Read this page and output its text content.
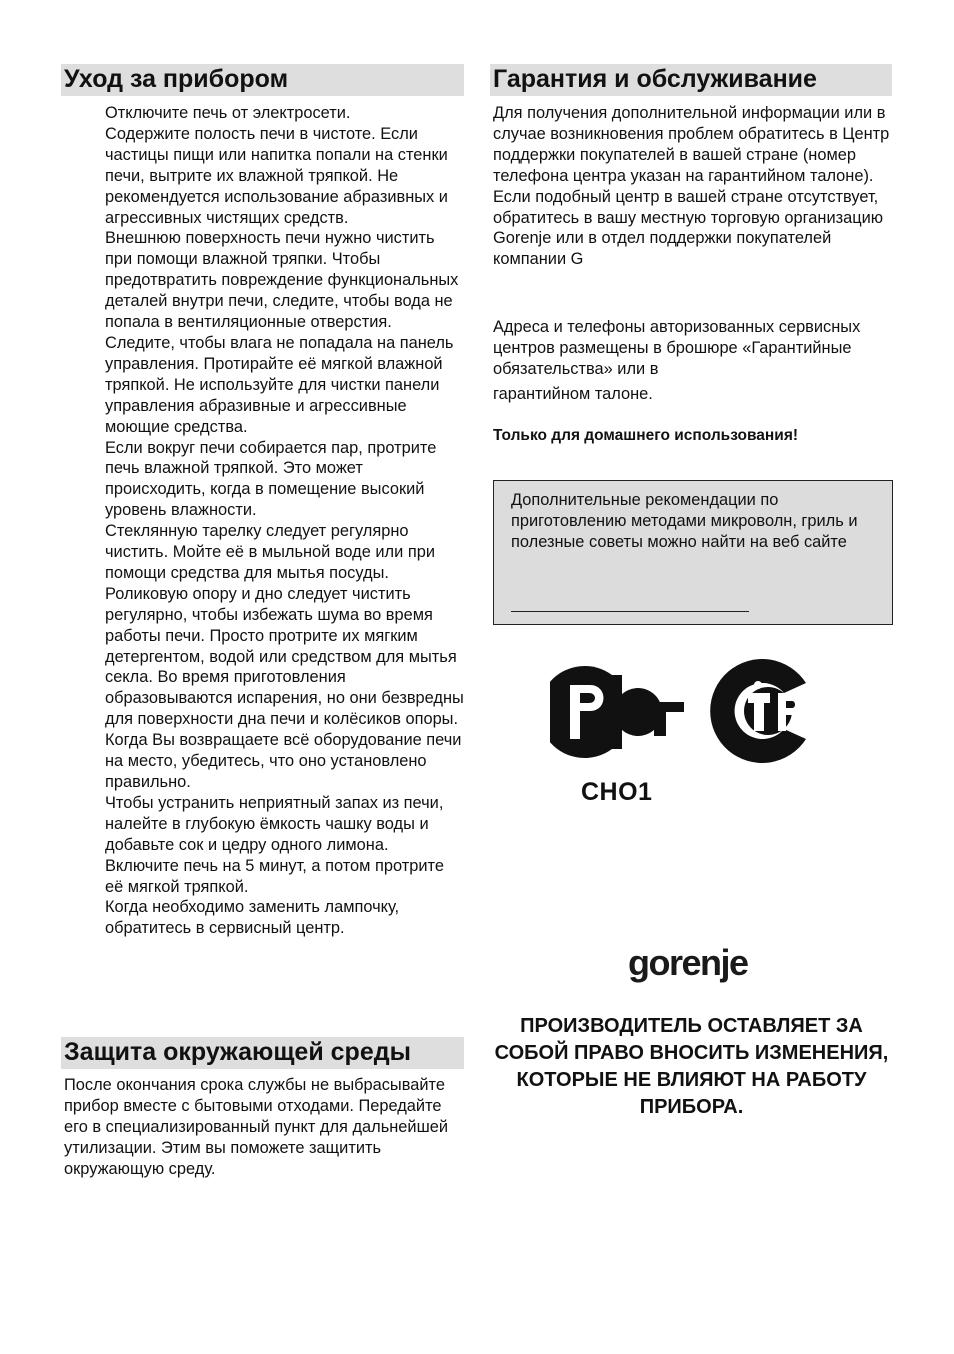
Уход за прибором

Отключите печь от электросети.

Содержите полость печи в чистоте. Если частицы пищи или напитка попали на стенки печи, вытрите их влажной тряпкой. Не рекомендуется использование абразивных и агрессивных чистящих средств.

Внешнюю поверхность печи нужно чистить при помощи влажной тряпки. Чтобы предотвратить повреждение функциональных деталей внутри печи, следите, чтобы вода не попала в вентиляционные отверстия.

Следите, чтобы влага не попадала на панель управления. Протирайте её мягкой влажной тряпкой. Не используйте для чистки панели управления абразивные и агрессивные моющие средства.

Если вокруг печи собирается пар, протрите печь влажной тряпкой. Это может происходить, когда в помещение высокий уровень влажности.

Стеклянную тарелку следует регулярно чистить. Мойте её в мыльной воде или при помощи средства для мытья посуды.

Роликовую опору и дно следует чистить регулярно, чтобы избежать шума во время работы печи. Просто протрите их мягким детергентом, водой или средством для мытья секла. Во время приготовления образовываются испарения, но они безвредны для поверхности дна печи и колёсиков опоры. Когда Вы возвращаете всё оборудование печи на место, убедитесь, что оно установлено правильно.

Чтобы устранить неприятный запах из печи, налейте в глубокую ёмкость чашку воды и добавьте сок и цедру одного лимона. Включите печь на 5 минут, а потом протрите её мягкой тряпкой.

Когда необходимо заменить лампочку, обратитесь в сервисный центр.

Защита окружающей среды

После окончания срока службы не выбрасывайте прибор вместе с бытовыми отходами. Передайте его в специализированный пункт для дальнейшей утилизации. Этим вы поможете защитить окружающую среду.

Гарантия и обслуживание

Для получения дополнительной информации или в случае возникновения проблем обратитесь в Центр поддержки покупателей в вашей стране (номер телефона центра указан на гарантийном талоне). Если подобный центр в вашей стране отсутствует, обратитесь в вашу местную торговую организацию Gorenje или в отдел поддержки покупателей компании G

Адреса и телефоны авторизованных сервисных центров размещены в брошюре «Гарантийные обязательства» или в

гарантийном талоне.

Только для домашнего использования!
Дополнительные рекомендации по приготовлению методами микроволн, гриль и полезные советы можно найти на веб сайте
CHO1
gorenje
ПРОИЗВОДИТЕЛЬ ОСТАВЛЯЕТ ЗА СОБОЙ ПРАВО ВНОСИТЬ ИЗМЕНЕНИЯ, КОТОРЫЕ НЕ ВЛИЯЮТ НА РАБОТУ ПРИБОРА.
